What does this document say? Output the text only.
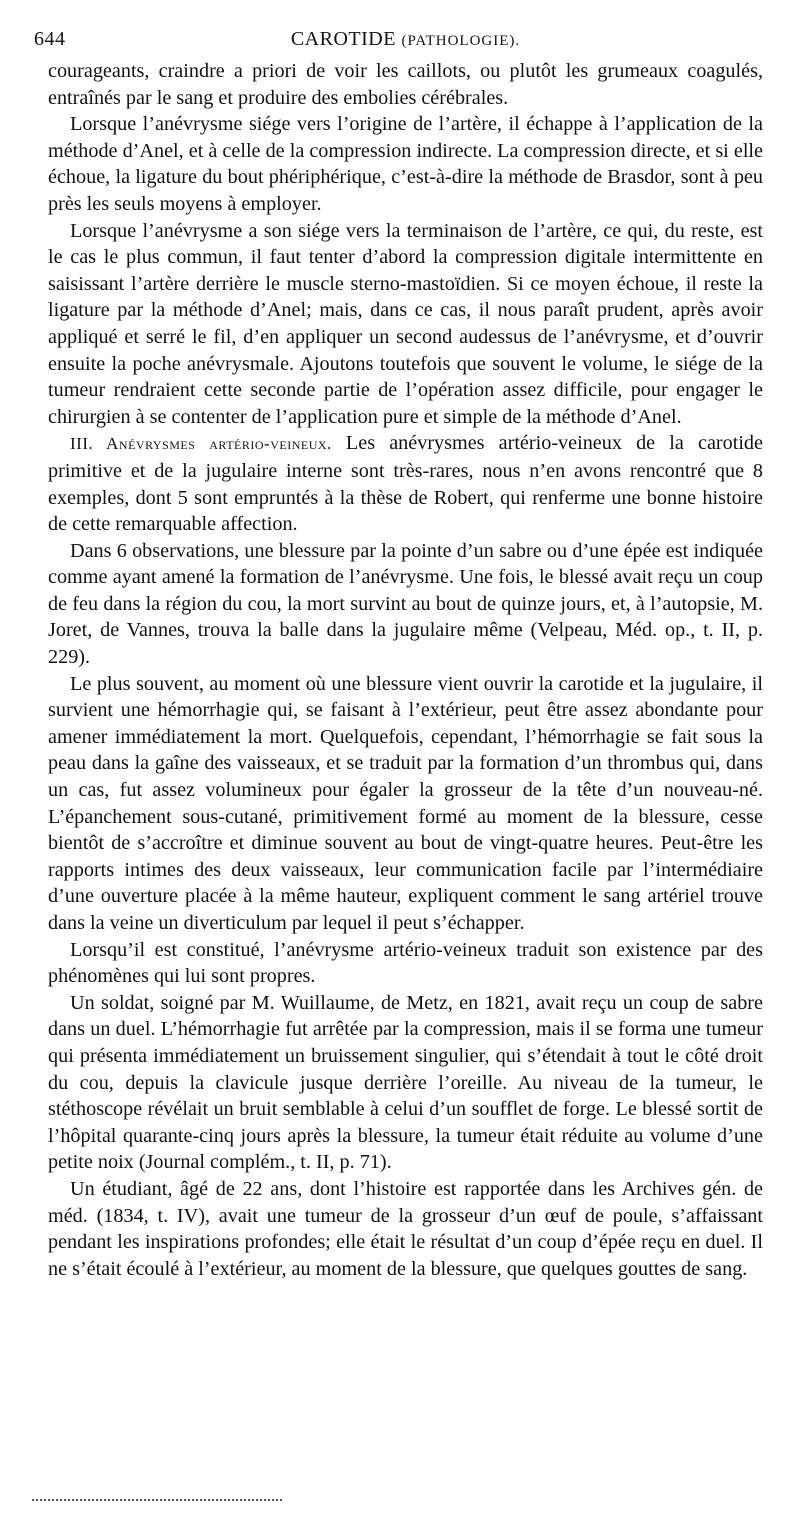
644	CAROTIDE (PATHOLOGIE).

courageants, craindre a priori de voir les caillots, ou plutôt les grumeaux coagulés, entraînés par le sang et produire des embolies cérébrales.

Lorsque l’anévrysme siége vers l’origine de l’artère, il échappe à l’application de la méthode d’Anel, et à celle de la compression indirecte. La compression directe, et si elle échoue, la ligature du bout phériphérique, c’est-à-dire la méthode de Brasdor, sont à peu près les seuls moyens à employer.

Lorsque l’anévrysme a son siége vers la terminaison de l’artère, ce qui, du reste, est le cas le plus commun, il faut tenter d’abord la compression digitale intermittente en saisissant l’artère derrière le muscle sterno-mastoïdien. Si ce moyen échoue, il reste la ligature par la méthode d’Anel; mais, dans ce cas, il nous paraît prudent, après avoir appliqué et serré le fil, d’en appliquer un second audessus de l’anévrysme, et d’ouvrir ensuite la poche anévrysmale. Ajoutons toutefois que souvent le volume, le siége de la tumeur rendraient cette seconde partie de l’opération assez difficile, pour engager le chirurgien à se contenter de l’application pure et simple de la méthode d’Anel.

III. Anévrysmes artério-veineux. Les anévrysmes artério-veineux de la carotide primitive et de la jugulaire interne sont très-rares, nous n’en avons rencontré que 8 exemples, dont 5 sont empruntés à la thèse de Robert, qui renferme une bonne histoire de cette remarquable affection.

Dans 6 observations, une blessure par la pointe d’un sabre ou d’une épée est indiquée comme ayant amené la formation de l’anévrysme. Une fois, le blessé avait reçu un coup de feu dans la région du cou, la mort survint au bout de quinze jours, et, à l’autopsie, M. Joret, de Vannes, trouva la balle dans la jugulaire même (Velpeau, Méd. op., t. II, p. 229).

Le plus souvent, au moment où une blessure vient ouvrir la carotide et la jugulaire, il survient une hémorrhagie qui, se faisant à l’extérieur, peut être assez abondante pour amener immédiatement la mort. Quelquefois, cependant, l’hémorrhagie se fait sous la peau dans la gaîne des vaisseaux, et se traduit par la formation d’un thrombus qui, dans un cas, fut assez volumineux pour égaler la grosseur de la tête d’un nouveau-né. L’épanchement sous-cutané, primitivement formé au moment de la blessure, cesse bientôt de s’accroître et diminue souvent au bout de vingt-quatre heures. Peut-être les rapports intimes des deux vaisseaux, leur communication facile par l’intermédiaire d’une ouverture placée à la même hauteur, expliquent comment le sang artériel trouve dans la veine un diverticulum par lequel il peut s’échapper.

Lorsqu’il est constitué, l’anévrysme artério-veineux traduit son existence par des phénomènes qui lui sont propres.

Un soldat, soigné par M. Wuillaume, de Metz, en 1821, avait reçu un coup de sabre dans un duel. L’hémorrhagie fut arrêtée par la compression, mais il se forma une tumeur qui présenta immédiatement un bruissement singulier, qui s’étendait à tout le côté droit du cou, depuis la clavicule jusque derrière l’oreille. Au niveau de la tumeur, le stéthoscope révélait un bruit semblable à celui d’un soufflet de forge. Le blessé sortit de l’hôpital quarante-cinq jours après la blessure, la tumeur était réduite au volume d’une petite noix (Journal complém., t. II, p. 71).

Un étudiant, âgé de 22 ans, dont l’histoire est rapportée dans les Archives gén. de méd. (1834, t. IV), avait une tumeur de la grosseur d’un œuf de poule, s’affaissant pendant les inspirations profondes; elle était le résultat d’un coup d’épée reçu en duel. Il ne s’était écoulé à l’extérieur, au moment de la blessure, que quelques gouttes de sang.
